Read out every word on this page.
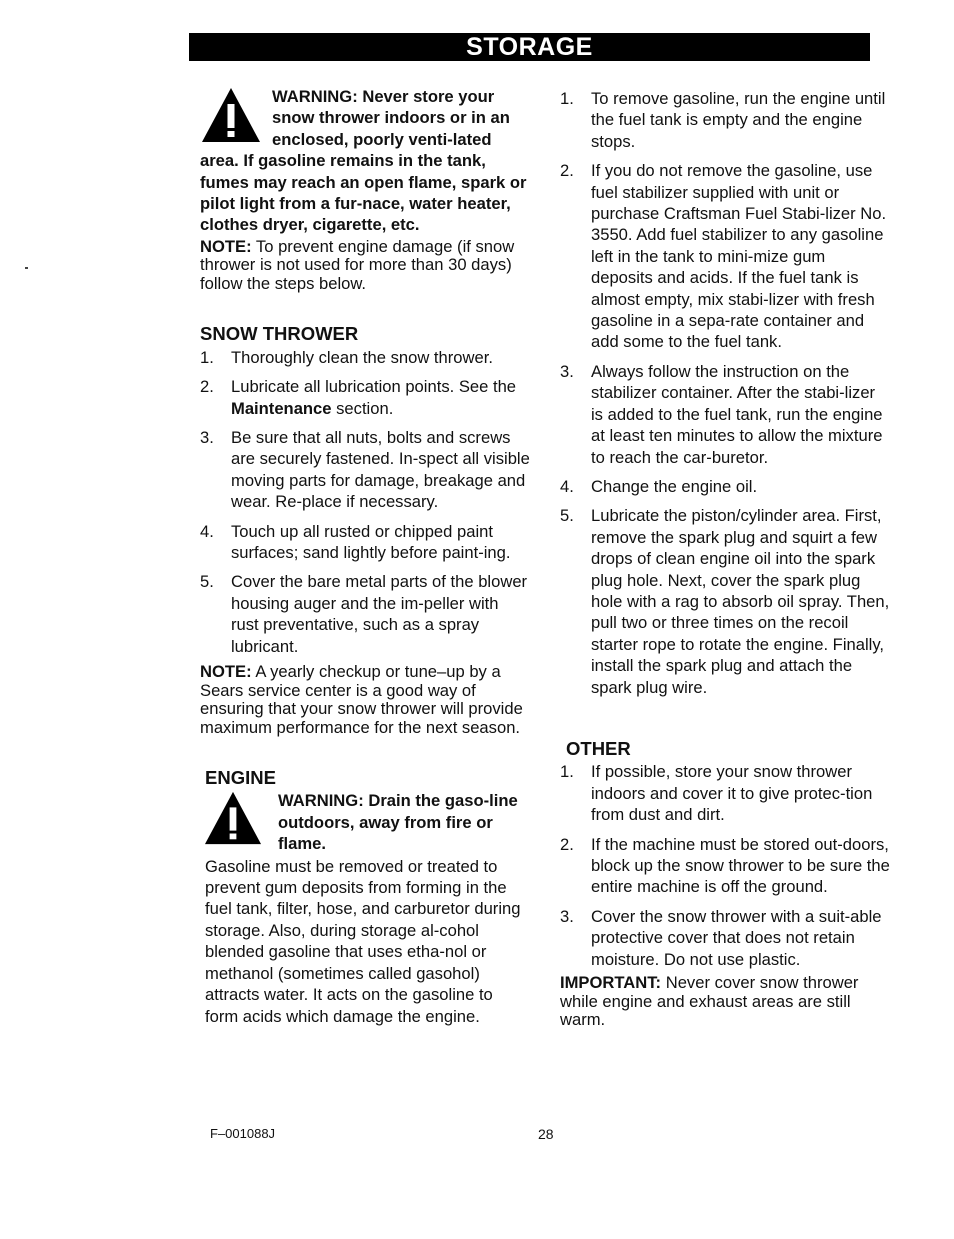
STORAGE
WARNING: Never store your snow thrower indoors or in an enclosed, poorly venti-lated area. If gasoline remains in the tank, fumes may reach an open flame, spark or pilot light from a fur-nace, water heater, clothes dryer, cigarette, etc.
NOTE: To prevent engine damage (if snow thrower is not used for more than 30 days) follow the steps below.
SNOW THROWER
1. Thoroughly clean the snow thrower.
2. Lubricate all lubrication points. See the Maintenance section.
3. Be sure that all nuts, bolts and screws are securely fastened. In-spect all visible moving parts for damage, breakage and wear. Re-place if necessary.
4. Touch up all rusted or chipped paint surfaces; sand lightly before paint-ing.
5. Cover the bare metal parts of the blower housing auger and the im-peller with rust preventative, such as a spray lubricant.
NOTE: A yearly checkup or tune–up by a Sears service center is a good way of ensuring that your snow thrower will provide maximum performance for the next season.
ENGINE
WARNING: Drain the gaso-line outdoors, away from fire or flame.
Gasoline must be removed or treated to prevent gum deposits from forming in the fuel tank, filter, hose, and carburetor during storage. Also, during storage al-cohol blended gasoline that uses etha-nol or methanol (sometimes called gasohol) attracts water. It acts on the gasoline to form acids which damage the engine.
1. To remove gasoline, run the engine until the fuel tank is empty and the engine stops.
2. If you do not remove the gasoline, use fuel stabilizer supplied with unit or purchase Craftsman Fuel Stabi-lizer No. 3550. Add fuel stabilizer to any gasoline left in the tank to mini-mize gum deposits and acids. If the fuel tank is almost empty, mix stabi-lizer with fresh gasoline in a sepa-rate container and add some to the fuel tank.
3. Always follow the instruction on the stabilizer container. After the stabi-lizer is added to the fuel tank, run the engine at least ten minutes to allow the mixture to reach the car-buretor.
4. Change the engine oil.
5. Lubricate the piston/cylinder area. First, remove the spark plug and squirt a few drops of clean engine oil into the spark plug hole. Next, cover the spark plug hole with a rag to absorb oil spray. Then, pull two or three times on the recoil starter rope to rotate the engine. Finally, install the spark plug and attach the spark plug wire.
OTHER
1. If possible, store your snow thrower indoors and cover it to give protec-tion from dust and dirt.
2. If the machine must be stored out-doors, block up the snow thrower to be sure the entire machine is off the ground.
3. Cover the snow thrower with a suit-able protective cover that does not retain moisture. Do not use plastic.
IMPORTANT: Never cover snow thrower while engine and exhaust areas are still warm.
F–001088J	28
